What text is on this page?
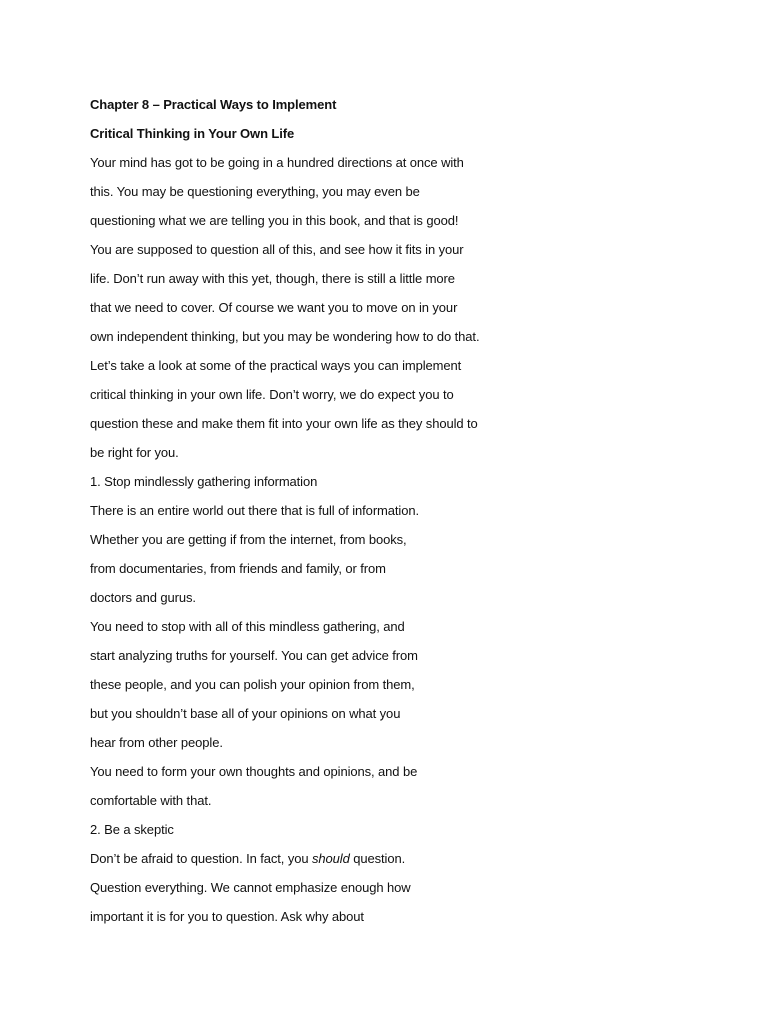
Chapter 8 – Practical Ways to Implement
Critical Thinking in Your Own Life
Your mind has got to be going in a hundred directions at once with
this. You may be questioning everything, you may even be
questioning what we are telling you in this book, and that is good!
You are supposed to question all of this, and see how it fits in your
life. Don’t run away with this yet, though, there is still a little more
that we need to cover. Of course we want you to move on in your
own independent thinking, but you may be wondering how to do that.
Let’s take a look at some of the practical ways you can implement
critical thinking in your own life. Don’t worry, we do expect you to
question these and make them fit into your own life as they should to
be right for you.
1. Stop mindlessly gathering information
There is an entire world out there that is full of information.
Whether you are getting if from the internet, from books,
from documentaries, from friends and family, or from
doctors and gurus.
You need to stop with all of this mindless gathering, and
start analyzing truths for yourself. You can get advice from
these people, and you can polish your opinion from them,
but you shouldn’t base all of your opinions on what you
hear from other people.
You need to form your own thoughts and opinions, and be
comfortable with that.
2. Be a skeptic
Don’t be afraid to question. In fact, you should question.
Question everything. We cannot emphasize enough how
important it is for you to question. Ask why about
